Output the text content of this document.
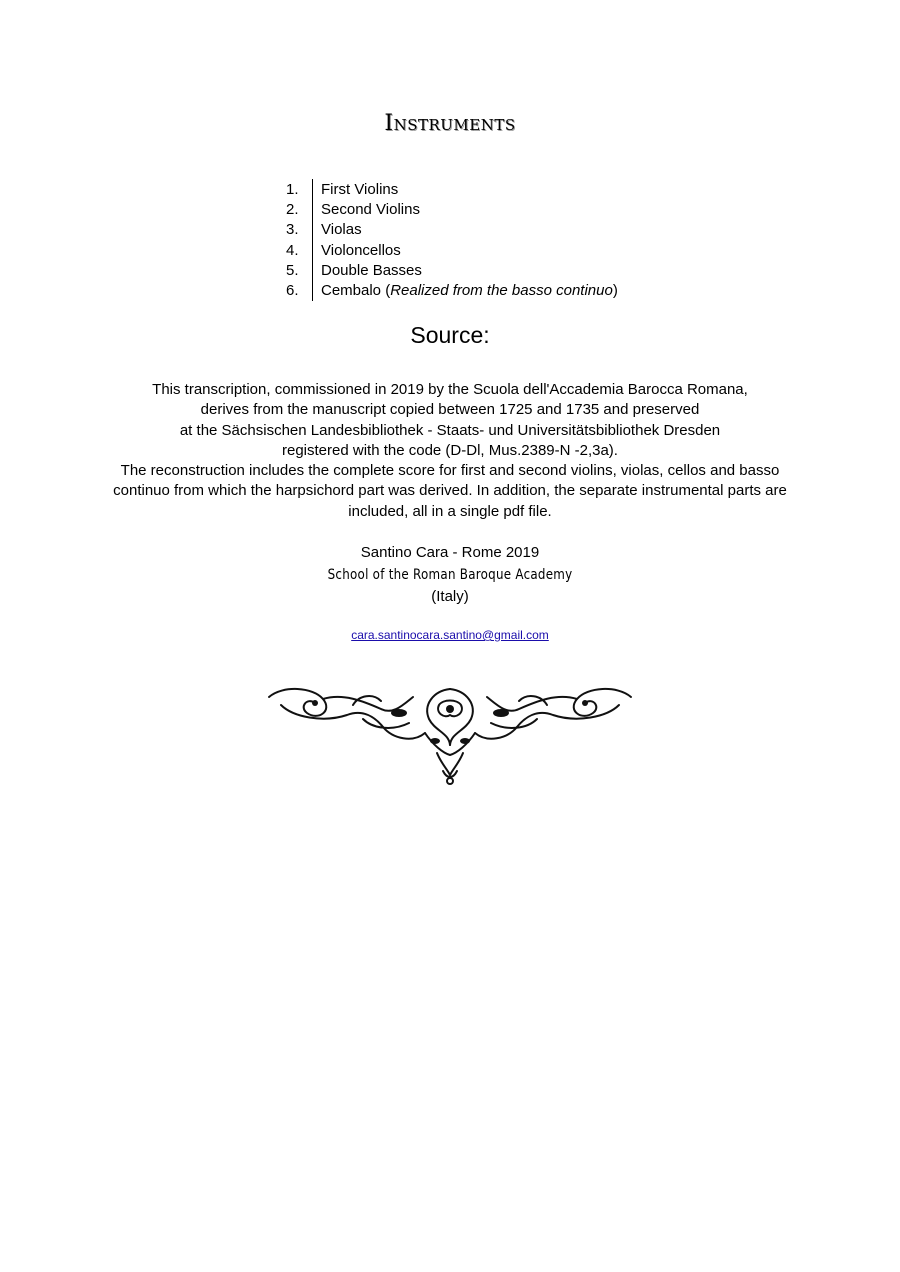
Instruments
1.	First Violins
2.	Second Violins
3.	Violas
4.	Violoncellos
5.	Double Basses
6.	Cembalo (Realized from the basso continuo)
Source:
This transcription, commissioned in 2019 by the Scuola dell'Accademia Barocca Romana,
derives from the manuscript copied between 1725 and 1735 and preserved
at the Sächsischen Landesbibliothek - Staats- und Universitätsbibliothek Dresden
registered with the code (D-Dl, Mus.2389-N -2,3a).
The reconstruction includes the complete score for first and second violins, violas, cellos and basso
continuo from which the harpsichord part was derived. In addition, the separate instrumental parts are
included, all in a single pdf file.
Santino Cara - Rome 2019
School of the Roman Baroque Academy
(Italy)
cara.santinocara.santino@gmail.com
